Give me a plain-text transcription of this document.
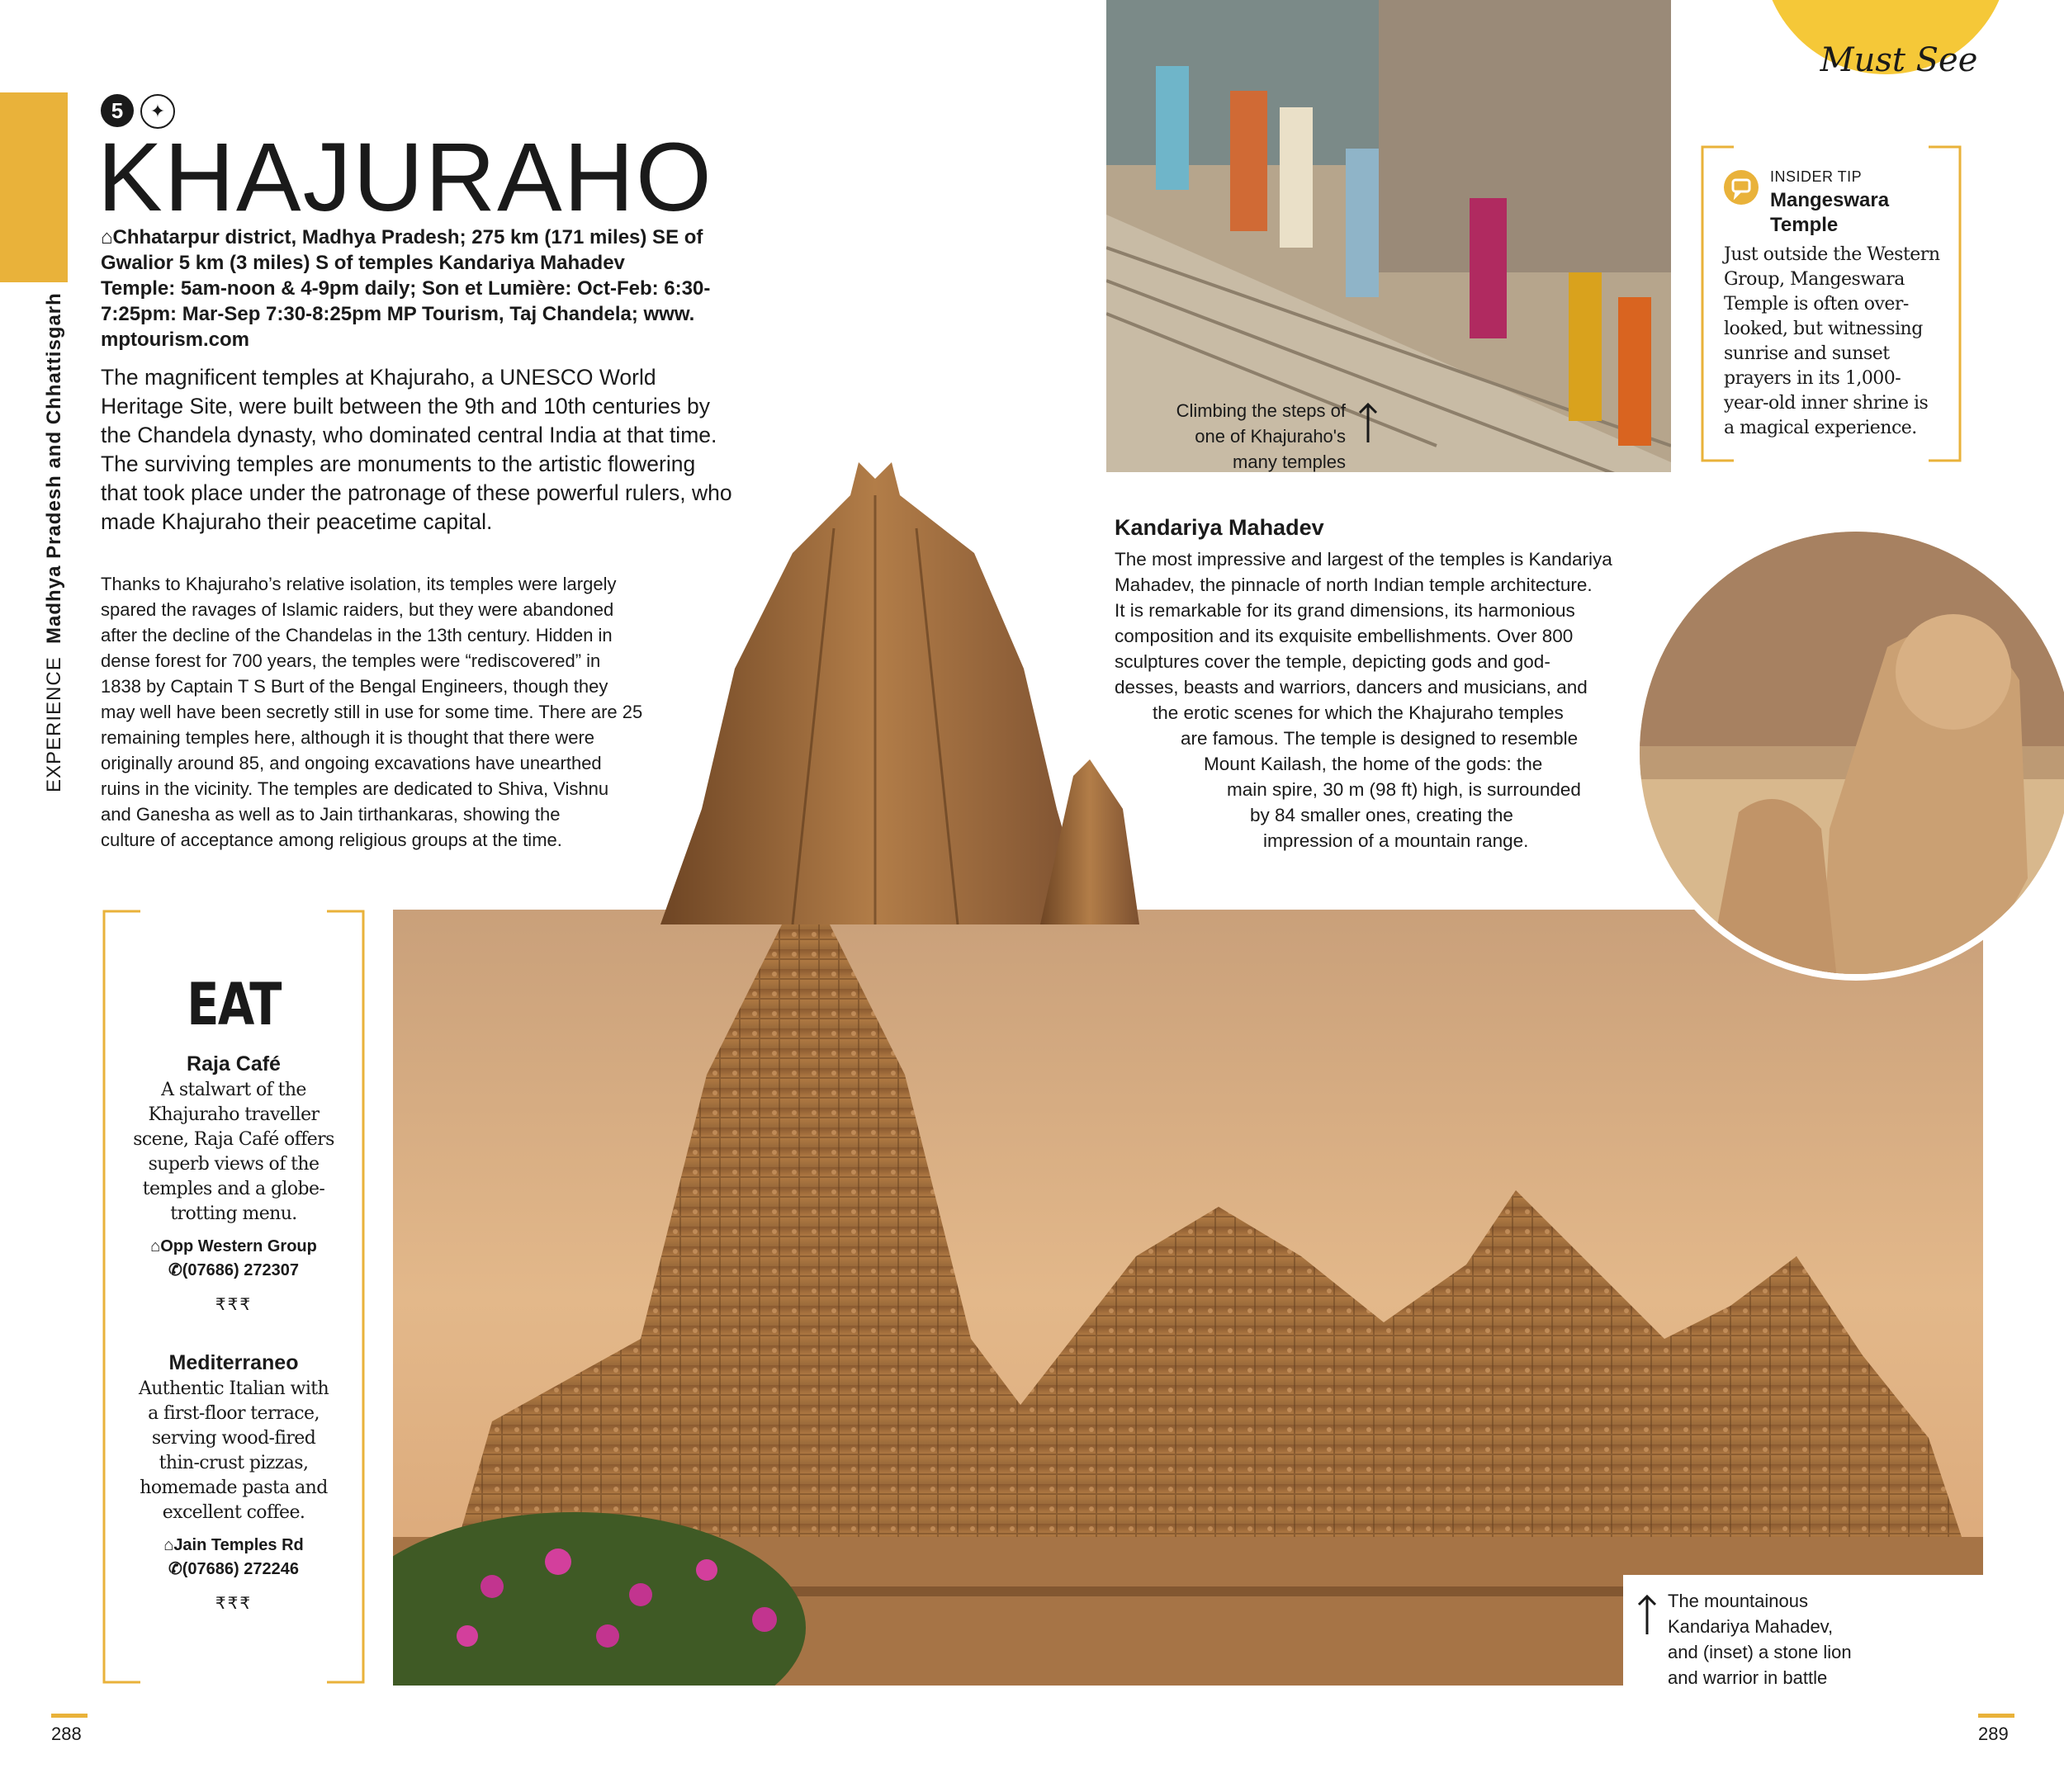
EXPERIENCE  Madhya Pradesh and Chhattisgarh
5	✦
KHAJURAHO
⌂Chhatarpur district, Madhya Pradesh; 275 km (171 miles) SE of
Gwalior 5 km (3 miles) S of temples Kandariya Mahadev
Temple: 5am-noon & 4-9pm daily; Son et Lumière: Oct-Feb: 6:30-
7:25pm: Mar-Sep 7:30-8:25pm MP Tourism, Taj Chandela; www.
mptourism.com
The magnificent temples at Khajuraho, a UNESCO World Heritage Site, were built between the 9th and 10th centuries by the Chandela dynasty, who dominated central India at that time. The surviving temples are monuments to the artistic flowering that took place under the patronage of these powerful rulers, who made Khajuraho their peacetime capital.
Thanks to Khajuraho’s relative isolation, its temples were largely
spared the ravages of Islamic raiders, but they were abandoned
after the decline of the Chandelas in the 13th century. Hidden in
dense forest for 700 years, the temples were “rediscovered” in
1838 by Captain T S Burt of the Bengal Engineers, though they
may well have been secretly still in use for some time. There are 25
remaining temples here, although it is thought that there were
originally around 85, and ongoing excavations have unearthed
ruins in the vicinity. The temples are dedicated to Shiva, Vishnu
and Ganesha as well as to Jain tirthankaras, showing the
culture of acceptance among religious groups at the time.
Climbing the steps of
one of Khajuraho's
many temples
Must See
INSIDER TIP
Mangeswara Temple
Just outside the Western
Group, Mangeswara
Temple is often over-
looked, but witnessing
sunrise and sunset
prayers in its 1,000-
year-old inner shrine is
a magical experience.
Kandariya Mahadev
The most impressive and largest of the temples is Kandariya
Mahadev, the pinnacle of north Indian temple architecture.
It is remarkable for its grand dimensions, its harmonious
composition and its exquisite embellishments. Over 800
sculptures cover the temple, depicting gods and god-
desses, beasts and warriors, dancers and musicians, and
the erotic scenes for which the Khajuraho temples
are famous. The temple is designed to resemble
Mount Kailash, the home of the gods: the
main spire, 30 m (98 ft) high, is surrounded
by 84 smaller ones, creating the
impression of a mountain range.
EAT
Raja Café
A stalwart of the
Khajuraho traveller
scene, Raja Café offers
superb views of the
temples and a globe-
trotting menu.
⌂Opp Western Group
✆(07686) 272307
₹₹₹
Mediterraneo
Authentic Italian with
a first-floor terrace,
serving wood-fired
thin-crust pizzas,
homemade pasta and
excellent coffee.
⌂Jain Temples Rd
✆(07686) 272246
₹₹₹	The mountainous
Kandariya Mahadev,
and (inset) a stone lion
and warrior in battle
288	289
